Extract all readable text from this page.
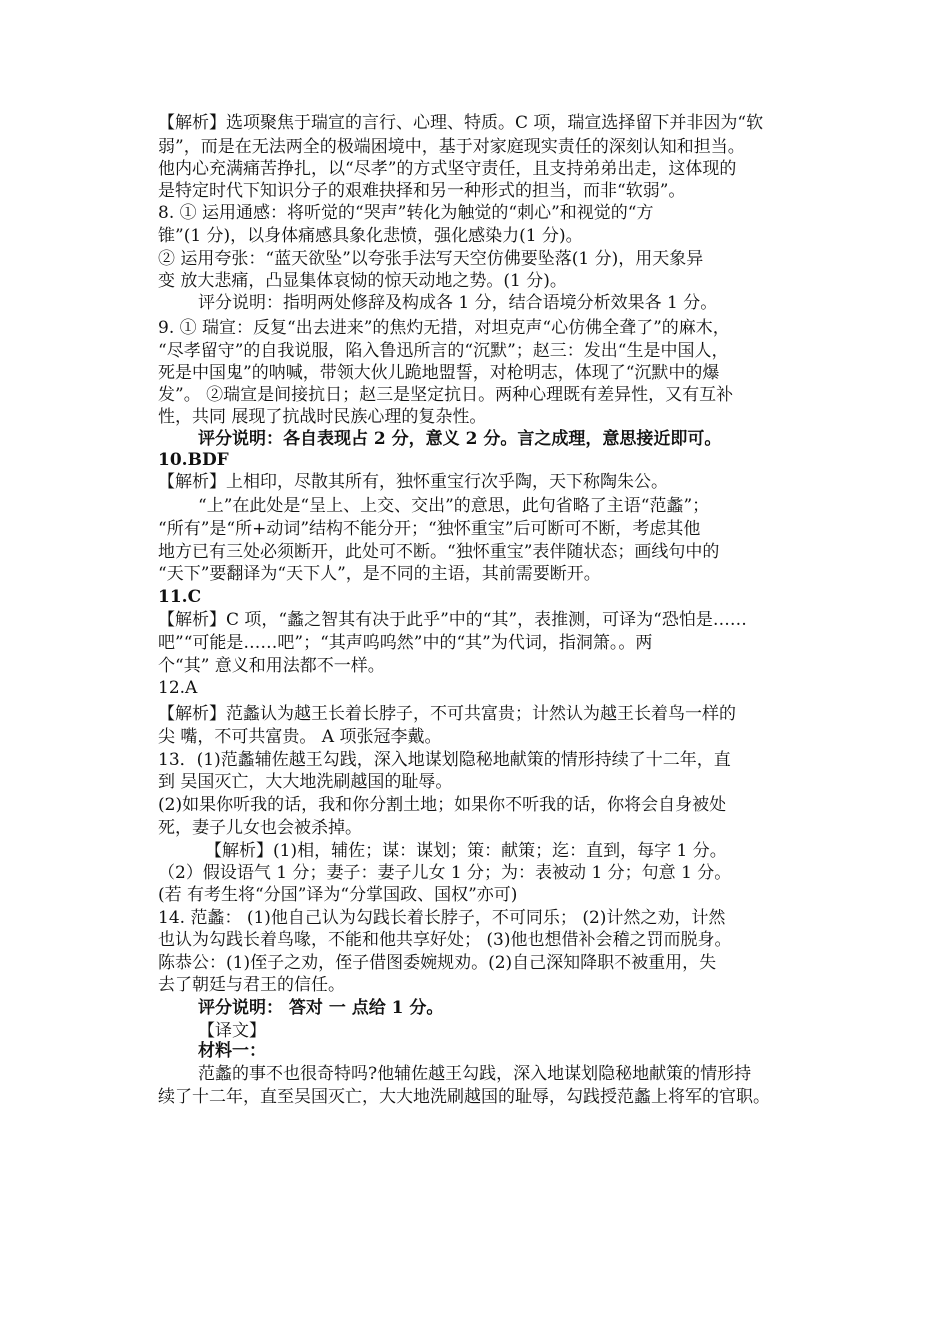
【解析】选项聚焦于瑞宣的言行、心理、特质。C 项，瑞宣选择留下并非因为“软
弱”，而是在无法两全的极端困境中，基于对家庭现实责任的深刻认知和担当。
他内心充满痛苦挣扎，以“尽孝”的方式坚守责任，且支持弟弟出走，这体现的
是特定时代下知识分子的艰难抉择和另一种形式的担当，而非“软弱”。
8. ① 运用通感：将听觉的“哭声”转化为触觉的“刺心”和视觉的“方
锥”(1 分)，以身体痛感具象化悲愤，强化感染力(1 分)。
② 运用夸张：“蓝天欲坠”以夸张手法写天空仿佛要坠落(1 分)，用天象异
变 放大悲痛，凸显集体哀恸的惊天动地之势。(1 分)。
评分说明：指明两处修辞及构成各 1 分，结合语境分析效果各 1 分。
9. ① 瑞宣：反复“出去进来”的焦灼无措，对坦克声“心仿佛全聋了”的麻木，
“尽孝留守”的自我说服，陷入鲁迅所言的“沉默”；赵三：发出“生是中国人，
死是中国鬼”的呐喊，带领大伙儿跪地盟誓，对枪明志，体现了“沉默中的爆
发”。 ②瑞宣是间接抗日；赵三是坚定抗日。两种心理既有差异性，又有互补
性，共同 展现了抗战时民族心理的复杂性。
评分说明：各自表现占 2 分，意义 2 分。言之成理，意思接近即可。
10.BDF
【解析】上相印，尽散其所有，独怀重宝行次乎陶，天下称陶朱公。
“上”在此处是“呈上、上交、交出”的意思，此句省略了主语“范蠡”；
“所有”是“所+动词”结构不能分开；“独怀重宝”后可断可不断，考虑其他
地方已有三处必须断开，此处可不断。“独怀重宝”表伴随状态；画线句中的
“天下”要翻译为“天下人”，是不同的主语，其前需要断开。
11.C
【解析】C 项，“蠡之智其有决于此乎”中的“其”，表推测，可译为“恐怕是……
吧”“可能是……吧”；“其声呜呜然”中的“其”为代词，指洞箫。。两
个“其” 意义和用法都不一样。
12.A
【解析】范蠡认为越王长着长脖子，不可共富贵；计然认为越王长着鸟一样的
尖 嘴，不可共富贵。 A 项张冠李戴。
13．(1)范蠡辅佐越王勾践，深入地谋划隐秘地献策的情形持续了十二年，直
到 吴国灭亡，大大地洗刷越国的耻辱。
(2)如果你听我的话，我和你分割土地；如果你不听我的话，你将会自身被处
死，妻子儿女也会被杀掉。
【解析】(1)相，辅佐；谋：谋划；策：献策；迄：直到，每字 1 分。
（2）假设语气 1 分；妻子：妻子儿女 1 分；为：表被动 1 分；句意 1 分。
(若 有考生将“分国”译为“分掌国政、国权”亦可)
14. 范蠡： (1)他自己认为勾践长着长脖子，不可同乐； (2)计然之劝，计然
也认为勾践长着鸟喙，不能和他共享好处； (3)他也想借补会稽之罚而脱身。
陈恭公：(1)侄子之劝，侄子借图委婉规劝。(2)自己深知降职不被重用，失
去了朝廷与君王的信任。
评分说明： 答对 一 点给 1 分。
【译文】
材料一：
范蠡的事不也很奇特吗?他辅佐越王勾践，深入地谋划隐秘地献策的情形持
续了十二年，直至吴国灭亡，大大地洗刷越国的耻辱，勾践授范蠡上将军的官职。
